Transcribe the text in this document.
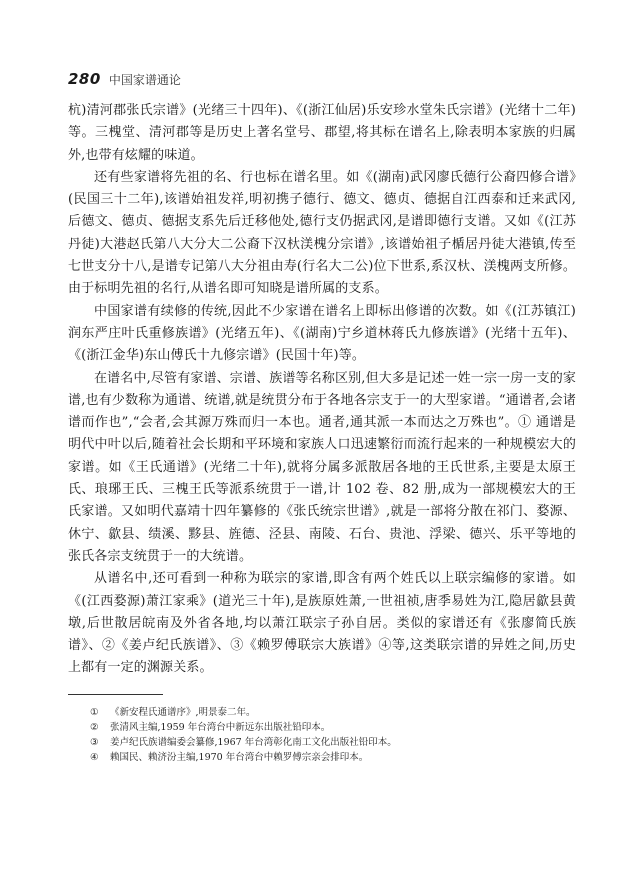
280 中国家谱通论

杭)清河郡张氏宗谱》(光绪三十四年)、《(浙江仙居)乐安珍水堂朱氏宗谱》(光绪十二年)等。三槐堂、清河郡等是历史上著名堂号、郡望,将其标在谱名上,除表明本家族的归属外,也带有炫耀的味道。

还有些家谱将先祖的名、行也标在谱名里。如《(湖南)武冈廖氏德行公裔四修合谱》(民国三十二年),该谱始祖发祥,明初携子德行、德文、德贞、德据自江西泰和迁来武冈,后德文、德贞、德据支系先后迁移他处,德行支仍据武冈,是谱即德行支谱。又如《(江苏丹徒)大港赵氏第八大分大二公裔下汉杕渼槐分宗谱》,该谱始祖子楯居丹徒大港镇,传至七世支分十八,是谱专记第八大分祖由寿(行名大二公)位下世系,系汉杕、渼槐两支所修。由于标明先祖的名行,从谱名即可知晓是谱所属的支系。

中国家谱有续修的传统,因此不少家谱在谱名上即标出修谱的次数。如《(江苏镇江)润东严庄叶氏重修族谱》(光绪五年)、《(湖南)宁乡道林蒋氏九修族谱》(光绪十五年)、《(浙江金华)东山傅氏十九修宗谱》(民国十年)等。

在谱名中,尽管有家谱、宗谱、族谱等名称区别,但大多是记述一姓一宗一房一支的家谱,也有少数称为通谱、统谱,就是统贯分布于各地各宗支于一的大型家谱。“通谱者,会诸谱而作也”,“会者,会其源万殊而归一本也。通者,通其派一本而达之万殊也”。① 通谱是明代中叶以后,随着社会长期和平环境和家族人口迅速繁衍而流行起来的一种规模宏大的家谱。如《王氏通谱》(光绪二十年),就将分属多派散居各地的王氏世系,主要是太原王氏、琅琊王氏、三槐王氏等派系统贯于一谱,计 102 卷、82 册,成为一部规模宏大的王氏家谱。又如明代嘉靖十四年纂修的《张氏统宗世谱》,就是一部将分散在祁门、婺源、休宁、歙县、绩溪、黟县、旌德、泾县、南陵、石台、贵池、浮梁、德兴、乐平等地的张氏各宗支统贯于一的大统谱。

从谱名中,还可看到一种称为联宗的家谱,即含有两个姓氏以上联宗编修的家谱。如《(江西婺源)萧江家乘》(道光三十年),是族原姓萧,一世祖祯,唐季易姓为江,隐居歙县黄墩,后世散居皖南及外省各地,均以萧江联宗子孙自居。类似的家谱还有《张廖简氏族谱》、②《姜卢纪氏族谱》、③《赖罗傅联宗大族谱》④等,这类联宗谱的异姓之间,历史上都有一定的渊源关系。

①	《新安程氏通谱序》,明景泰二年。
②	张清风主编,1959 年台湾台中新远东出版社铅印本。
③	姜卢纪氏族谱编委会纂修,1967 年台湾彰化南工文化出版社铅印本。
④	赖国民、赖济汾主编,1970 年台湾台中赖罗傅宗亲会排印本。
